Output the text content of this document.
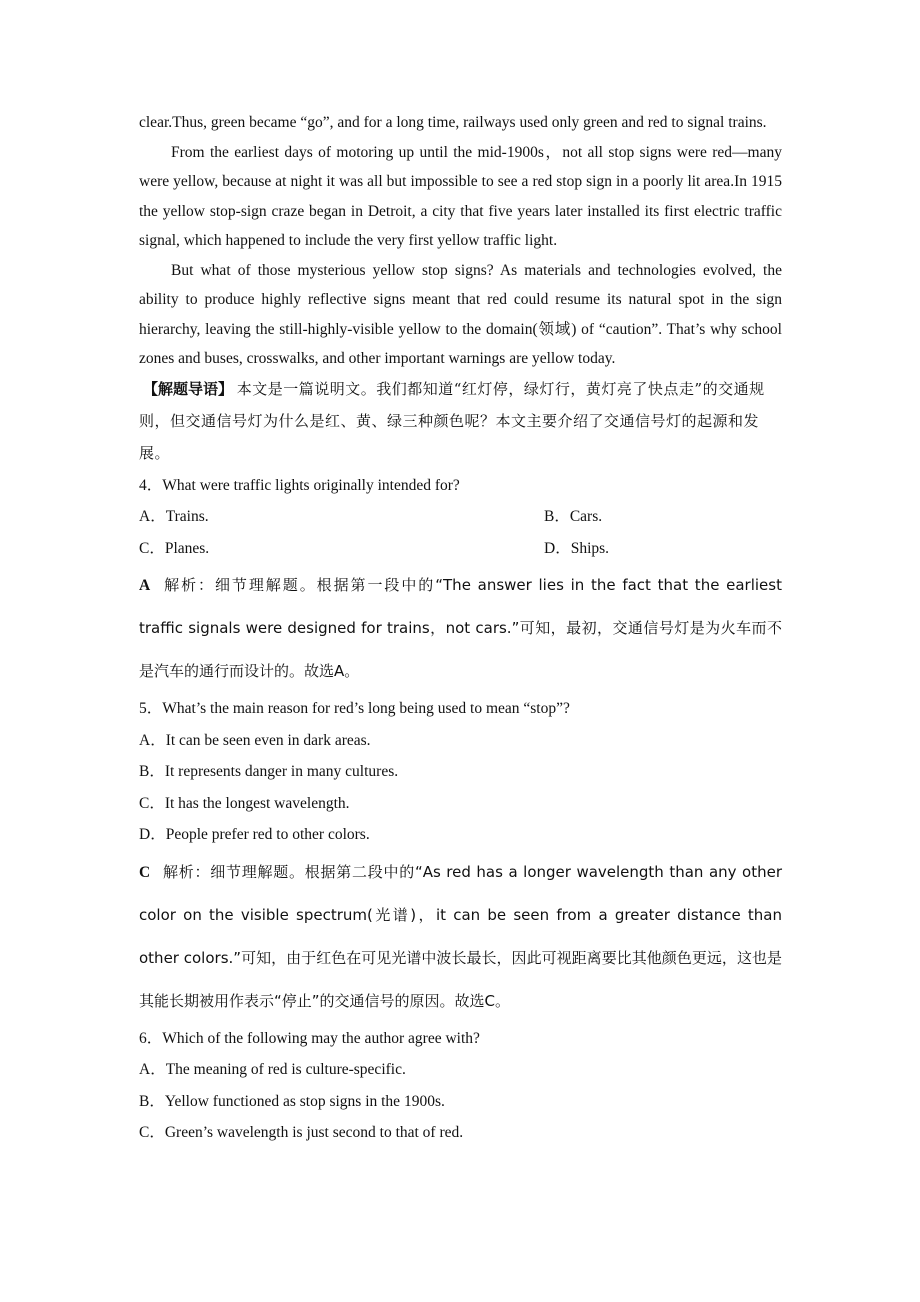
clear.Thus, green became “go”, and for a long time, railways used only green and red to signal trains.

From the earliest days of motoring up until the mid-1900s，not all stop signs were red—many were yellow, because at night it was all but impossible to see a red stop sign in a poorly lit area.In 1915 the yellow stop-sign craze began in Detroit, a city that five years later installed its first electric traffic signal, which happened to include the very first yellow traffic light.

But what of those mysterious yellow stop signs? As materials and technologies evolved, the ability to produce highly reflective signs meant that red could resume its natural spot in the sign hierarchy, leaving the still-highly-visible yellow to the domain(领域) of “caution”. That’s why school zones and buses, crosswalks, and other important warnings are yellow today.

【解题导语】 本文是一篇说明文。我们都知道“红灯停，绿灯行，黄灯亮了快点走”的交通规则，但交通信号灯为什么是红、黄、绿三种颜色呢？本文主要介绍了交通信号灯的起源和发展。

4．What were traffic lights originally intended for?

A．Trains.	B．Cars.

C．Planes.	D．Ships.

A 解析：细节理解题。根据第一段中的“The answer lies in the fact that the earliest traffic signals were designed for trains，not cars.”可知，最初，交通信号灯是为火车而不是汽车的通行而设计的。故选A。

5．What’s the main reason for red’s long being used to mean “stop”?

A．It can be seen even in dark areas.

B．It represents danger in many cultures.

C．It has the longest wavelength.

D．People prefer red to other colors.

C 解析：细节理解题。根据第二段中的“As red has a longer wavelength than any other color on the visible spectrum(光谱)，it can be seen from a greater distance than other colors.”可知，由于红色在可见光谱中波长最长，因此可视距离要比其他颜色更远，这也是其能长期被用作表示“停止”的交通信号的原因。故选C。

6．Which of the following may the author agree with?

A．The meaning of red is culture-specific.

B．Yellow functioned as stop signs in the 1900s.

C．Green’s wavelength is just second to that of red.
